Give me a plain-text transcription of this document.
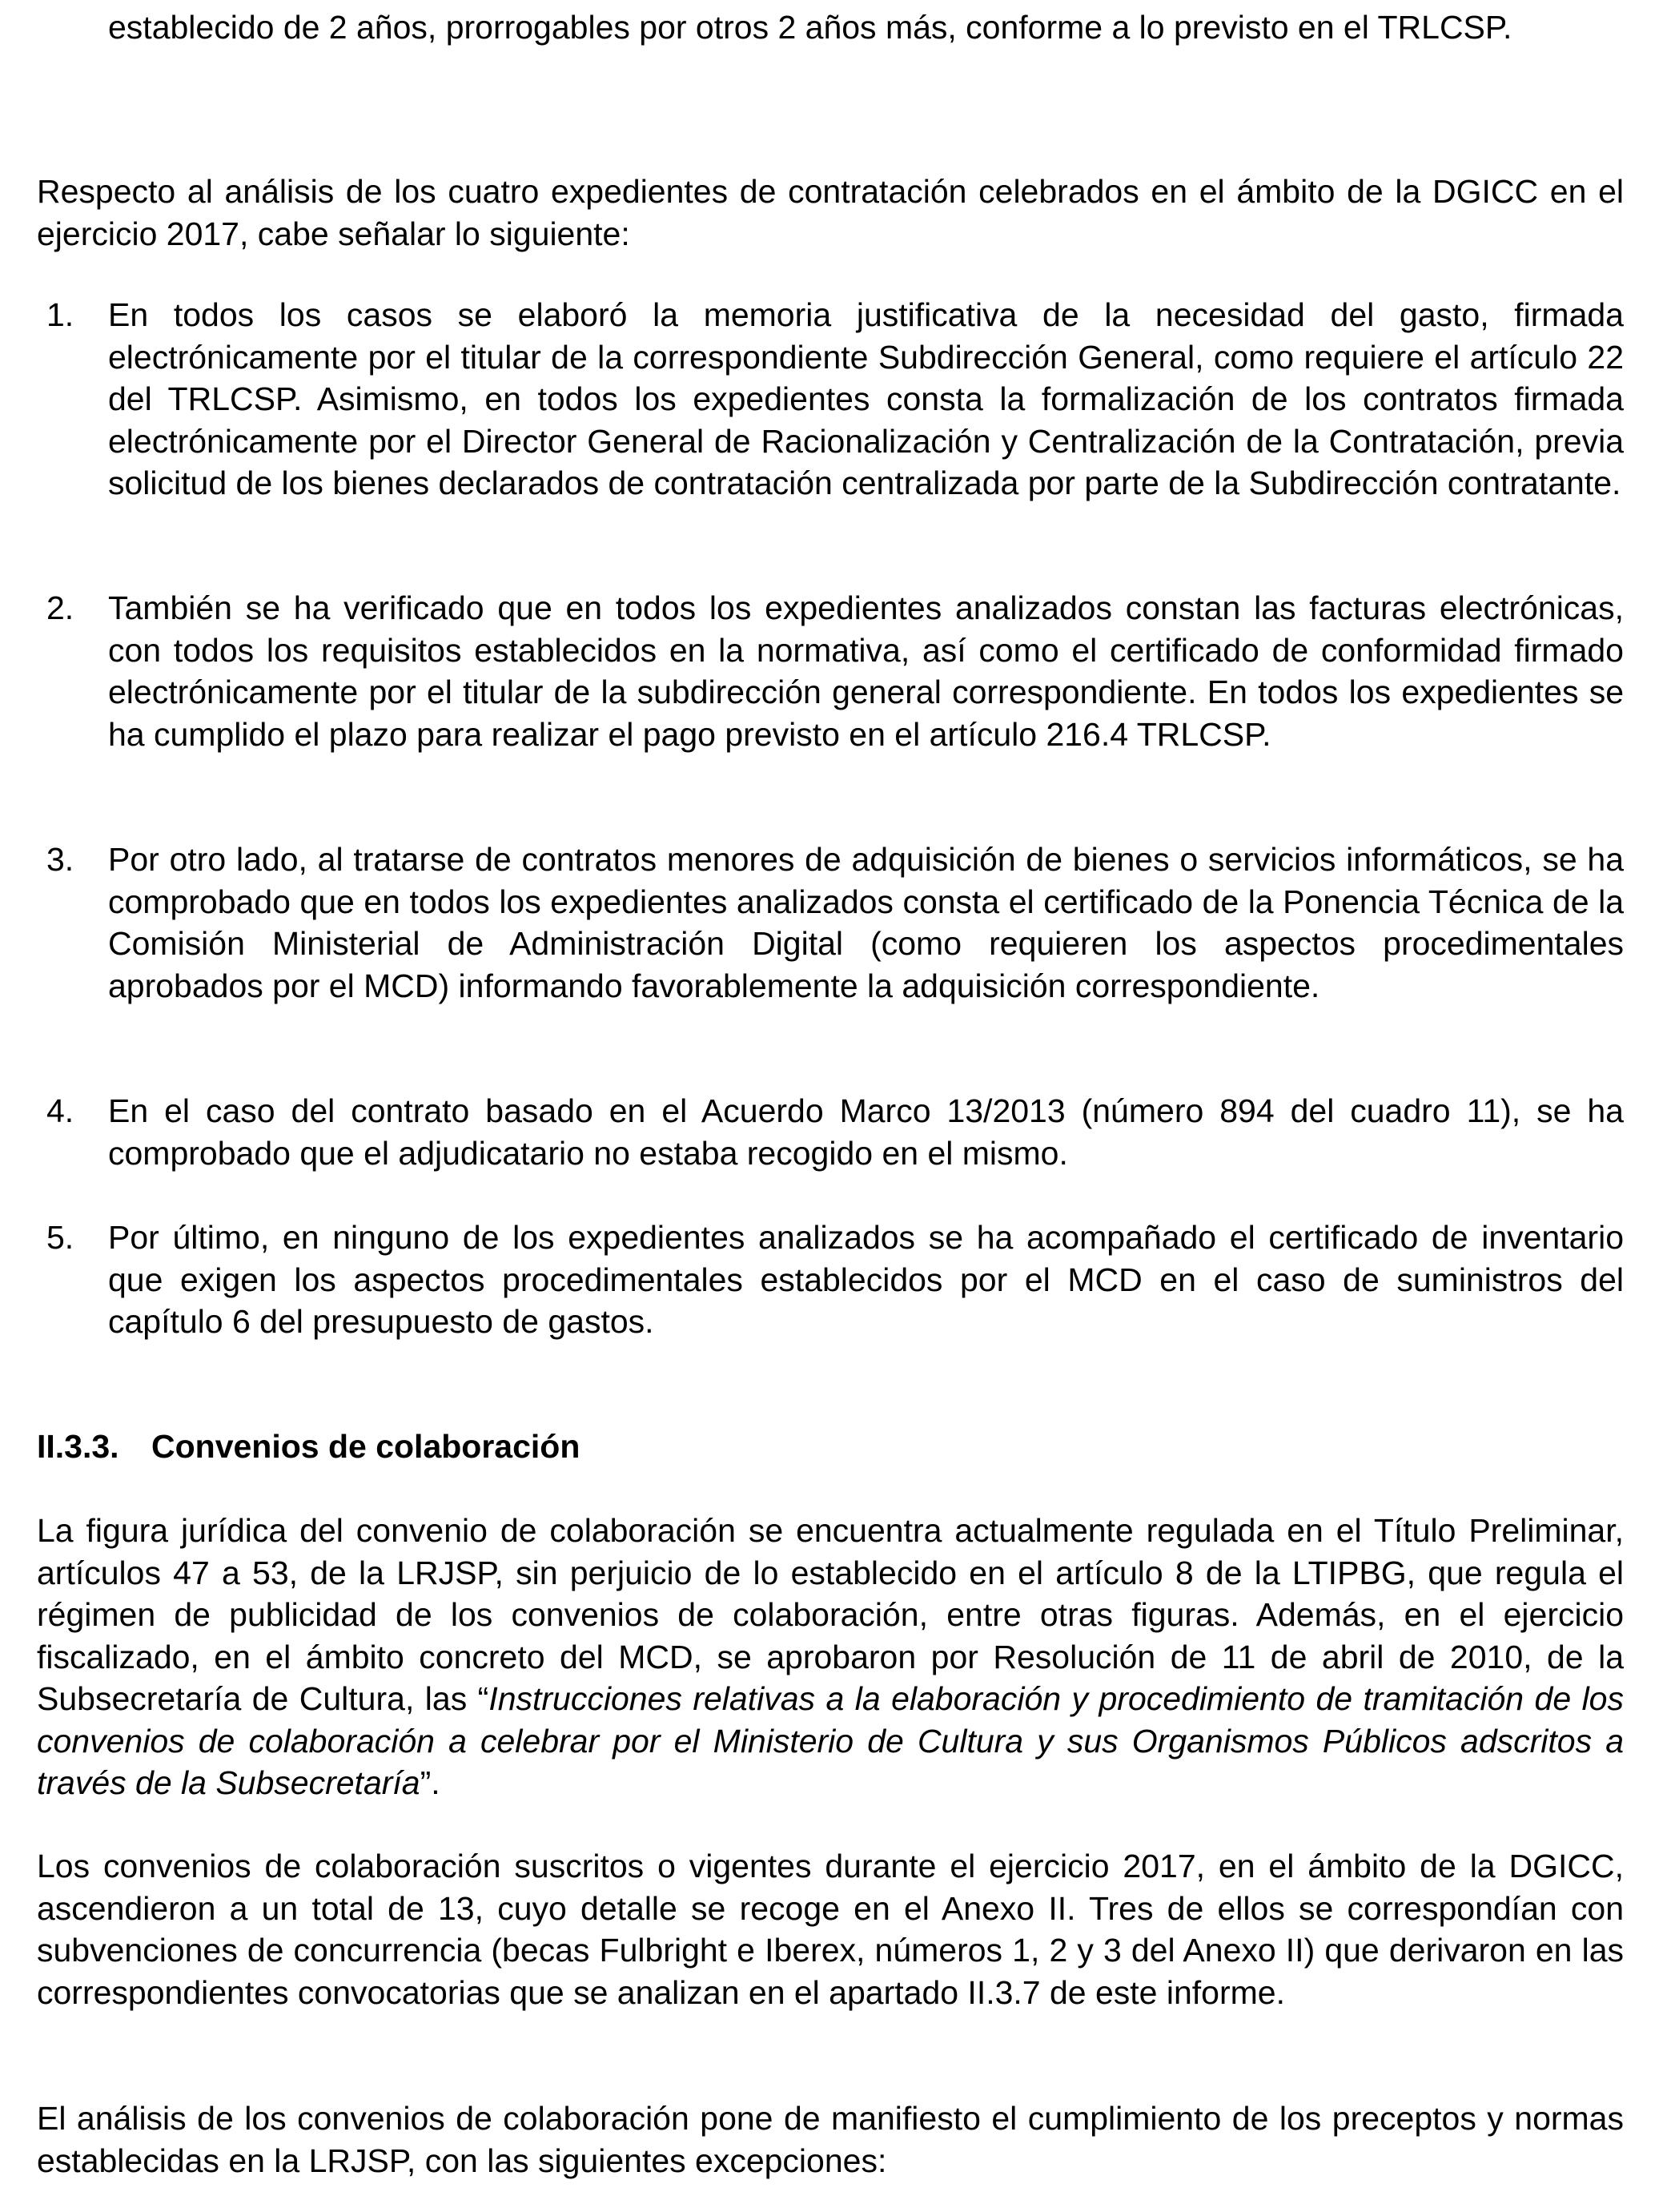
establecido de 2 años, prorrogables por otros 2 años más, conforme a lo previsto en el TRLCSP.

Respecto al análisis de los cuatro expedientes de contratación celebrados en el ámbito de la DGICC en el ejercicio 2017, cabe señalar lo siguiente:

1. En todos los casos se elaboró la memoria justificativa de la necesidad del gasto, firmada electrónicamente por el titular de la correspondiente Subdirección General, como requiere el artículo 22 del TRLCSP. Asimismo, en todos los expedientes consta la formalización de los contratos firmada electrónicamente por el Director General de Racionalización y Centralización de la Contratación, previa solicitud de los bienes declarados de contratación centralizada por parte de la Subdirección contratante.
2. También se ha verificado que en todos los expedientes analizados constan las facturas electrónicas, con todos los requisitos establecidos en la normativa, así como el certificado de conformidad firmado electrónicamente por el titular de la subdirección general correspondiente. En todos los expedientes se ha cumplido el plazo para realizar el pago previsto en el artículo 216.4 TRLCSP.
3. Por otro lado, al tratarse de contratos menores de adquisición de bienes o servicios informáticos, se ha comprobado que en todos los expedientes analizados consta el certificado de la Ponencia Técnica de la Comisión Ministerial de Administración Digital (como requieren los aspectos procedimentales aprobados por el MCD) informando favorablemente la adquisición correspondiente.
4. En el caso del contrato basado en el Acuerdo Marco 13/2013 (número 894 del cuadro 11), se ha comprobado que el adjudicatario no estaba recogido en el mismo.
5. Por último, en ninguno de los expedientes analizados se ha acompañado el certificado de inventario que exigen los aspectos procedimentales establecidos por el MCD en el caso de suministros del capítulo 6 del presupuesto de gastos.
II.3.3. Convenios de colaboración

La figura jurídica del convenio de colaboración se encuentra actualmente regulada en el Título Preliminar, artículos 47 a 53, de la LRJSP, sin perjuicio de lo establecido en el artículo 8 de la LTIPBG, que regula el régimen de publicidad de los convenios de colaboración, entre otras figuras. Además, en el ejercicio fiscalizado, en el ámbito concreto del MCD, se aprobaron por Resolución de 11 de abril de 2010, de la Subsecretaría de Cultura, las “Instrucciones relativas a la elaboración y procedimiento de tramitación de los convenios de colaboración a celebrar por el Ministerio de Cultura y sus Organismos Públicos adscritos a través de la Subsecretaría”.

Los convenios de colaboración suscritos o vigentes durante el ejercicio 2017, en el ámbito de la DGICC, ascendieron a un total de 13, cuyo detalle se recoge en el Anexo II. Tres de ellos se correspondían con subvenciones de concurrencia (becas Fulbright e Iberex, números 1, 2 y 3 del Anexo II) que derivaron en las correspondientes convocatorias que se analizan en el apartado II.3.7 de este informe.

El análisis de los convenios de colaboración pone de manifiesto el cumplimiento de los preceptos y normas establecidas en la LRJSP, con las siguientes excepciones:
